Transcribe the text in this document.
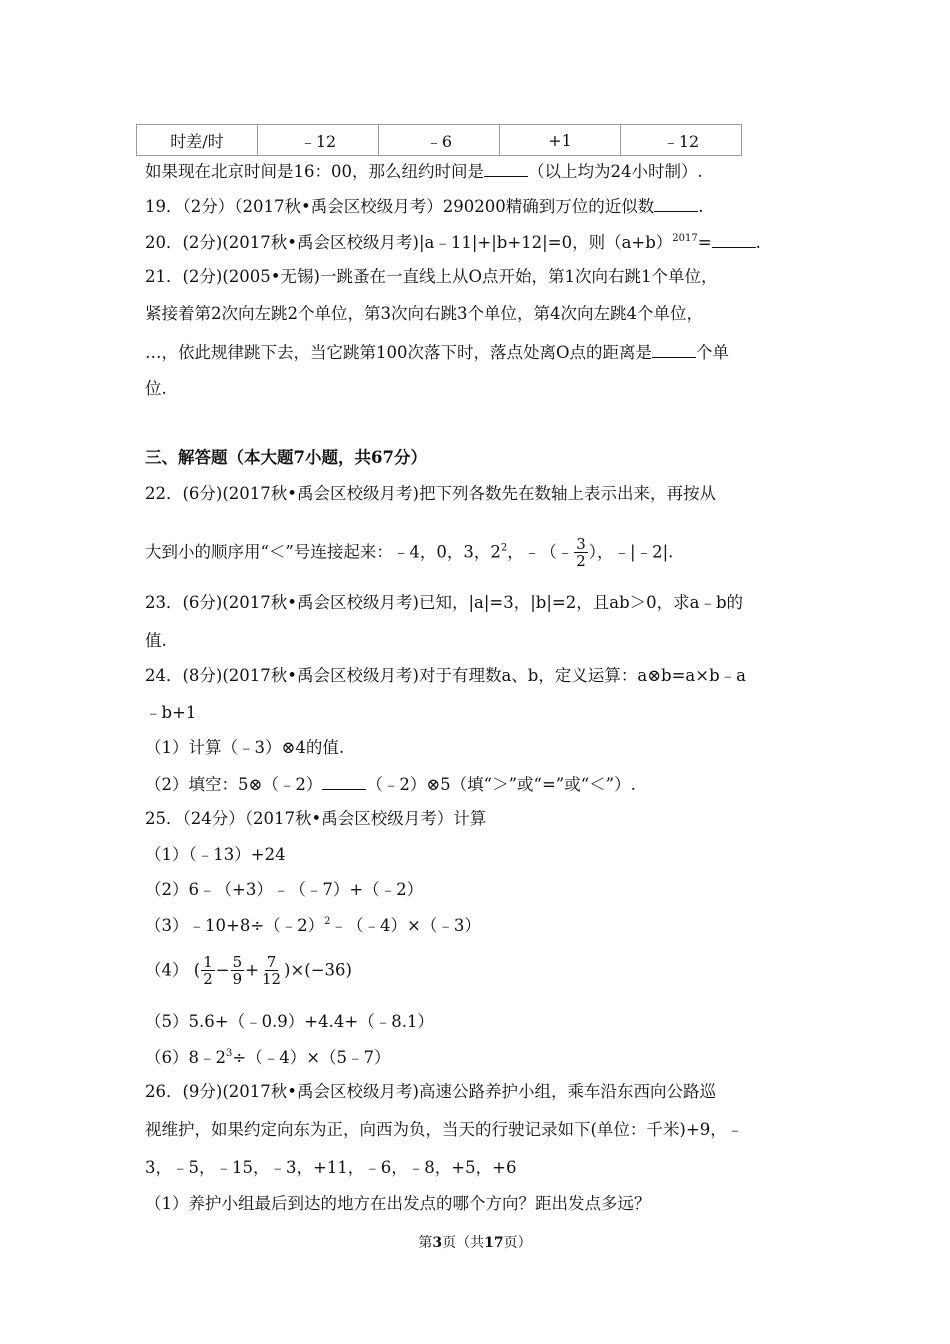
时差/时	﹣12	﹣6	+1	﹣12
如果现在北京时间是16：00，那么纽约时间是	（以上均为24小时制）.
19．（2分）（2017秋•禹会区校级月考）290200精确到万位的近似数	.
20．(2分)(2017秋•禹会区校级月考)|a﹣11|+|b+12|=0，则$(a+b)^{2017}=$	.
21．(2分)(2005•无锡)一跳蚤在一直线上从O点开始，第1次向右跳1个单位，
紧接着第2次向左跳2个单位，第3次向右跳3个单位，第4次向左跳4个单位，
…，依此规律跳下去，当它跳第100次落下时，落点处离O点的距离是	个单
位.
三、解答题（本大题7小题，共67分）
22．(6分)(2017秋•禹会区校级月考)把下列各数先在数轴上表示出来，再按从
大到小的顺序用“＜”号连接起来：﹣4，0，3，$2^2$，﹣（﹣ $\frac{3}{2}$ ），﹣|﹣2|.
23．(6分)(2017秋•禹会区校级月考)已知，|a|=3，|b|=2，且ab＞0，求a﹣b的
值.
24．(8分)(2017秋•禹会区校级月考)对于有理数a、b，定义运算：a⊗b=a×b﹣a
﹣b+1
（1）计算（﹣3）⊗4的值.
（2）填空：5⊗（﹣2）	（﹣2）⊗5（填“＞”或“=”或“＜”）.
25．（24分）（2017秋•禹会区校级月考）计算
（1）（﹣13）+24
（2）6﹣（+3）﹣（﹣7）+（﹣2）
（3）﹣10+8÷（﹣2）$^2$﹣（﹣4）×（﹣3）
（4） ( $\frac{1}{2} - \frac{5}{9} + \frac{7}{12} )\times(-36)$
（5）5.6+（﹣0.9）+4.4+（﹣8.1）
$(6)8﹣2^3\div(﹣4)\times(5﹣7)$
26．(9分)(2017秋•禹会区校级月考)高速公路养护小组，乘车沿东西向公路巡
视维护，如果约定向东为正，向西为负，当天的行驶记录如下(单位：千米)+9，﹣
3，﹣5，﹣15，﹣3，+11，﹣6，﹣8，+5，+6
（1）养护小组最后到达的地方在出发点的哪个方向？距出发点多远？
第3页（共17页）
